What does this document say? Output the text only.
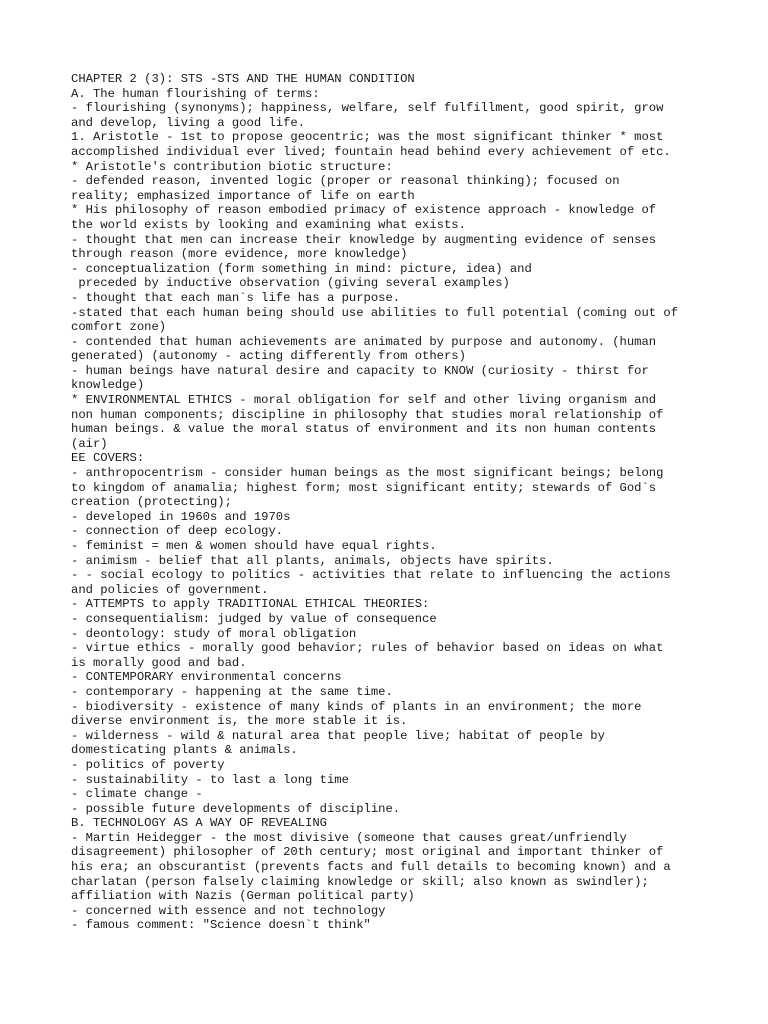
CHAPTER 2 (3): STS -STS AND THE HUMAN CONDITION

A. The human flourishing of terms:

- flourishing (synonyms); happiness, welfare, self fulfillment, good spirit, grow

and develop, living a good life.

1. Aristotle - 1st to propose geocentric; was the most significant thinker * most

accomplished individual ever lived; fountain head behind every achievement of etc.

* Aristotle's contribution biotic structure:

- defended reason, invented logic (proper or reasonal thinking); focused on

reality; emphasized importance of life on earth

* His philosophy of reason embodied primacy of existence approach - knowledge of

the world exists by looking and examining what exists.

- thought that men can increase their knowledge by augmenting evidence of senses

through reason (more evidence, more knowledge)

- conceptualization (form something in mind: picture, idea) and

preceded by inductive observation (giving several examples)

- thought that each man`s life has a purpose.

-stated that each human being should use abilities to full potential (coming out of

comfort zone)

- contended that human achievements are animated by purpose and autonomy. (human

generated) (autonomy - acting differently from others)

- human beings have natural desire and capacity to KNOW (curiosity - thirst for

knowledge)

* ENVIRONMENTAL ETHICS - moral obligation for self and other living organism and

non human components; discipline in philosophy that studies moral relationship of

human beings. & value the moral status of environment and its non human contents

(air)

EE COVERS:

- anthropocentrism - consider human beings as the most significant beings; belong

to kingdom of anamalia; highest form; most significant entity; stewards of God`s

creation (protecting);

- developed in 1960s and 1970s

- connection of deep ecology.

- feminist = men & women should have equal rights.

- animism - belief that all plants, animals, objects have spirits.

- - social ecology to politics - activities that relate to influencing the actions

and policies of government.

- ATTEMPTS to apply TRADITIONAL ETHICAL THEORIES:

- consequentialism: judged by value of consequence

- deontology: study of moral obligation

- virtue ethics - morally good behavior; rules of behavior based on ideas on what

is morally good and bad.

- CONTEMPORARY environmental concerns

- contemporary - happening at the same time.

- biodiversity - existence of many kinds of plants in an environment; the more

diverse environment is, the more stable it is.

- wilderness - wild & natural area that people live; habitat of people by

domesticating plants & animals.

- politics of poverty

- sustainability - to last a long time

- climate change -

- possible future developments of discipline.

B. TECHNOLOGY AS A WAY OF REVEALING

- Martin Heidegger - the most divisive (someone that causes great/unfriendly

disagreement) philosopher of 20th century; most original and important thinker of

his era; an obscurantist (prevents facts and full details to becoming known) and a

charlatan (person falsely claiming knowledge or skill; also known as swindler);

affiliation with Nazis (German political party)

- concerned with essence and not technology

- famous comment: "Science doesn`t think"
